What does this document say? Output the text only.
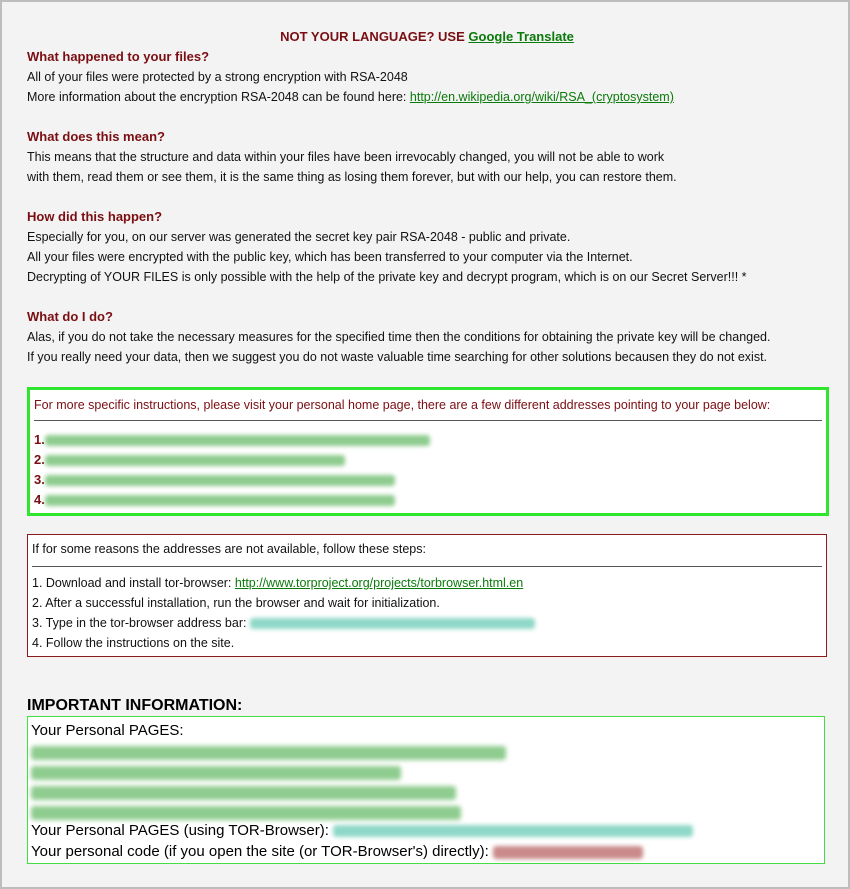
NOT YOUR LANGUAGE? USE Google Translate
What happened to your files?
All of your files were protected by a strong encryption with RSA-2048
More information about the encryption RSA-2048 can be found here: http://en.wikipedia.org/wiki/RSA_(cryptosystem)
What does this mean?
This means that the structure and data within your files have been irrevocably changed, you will not be able to work
with them, read them or see them, it is the same thing as losing them forever, but with our help, you can restore them.
How did this happen?
Especially for you, on our server was generated the secret key pair RSA-2048 - public and private.
All your files were encrypted with the public key, which has been transferred to your computer via the Internet.
Decrypting of YOUR FILES is only possible with the help of the private key and decrypt program, which is on our Secret Server!!! *
What do I do?
Alas, if you do not take the necessary measures for the specified time then the conditions for obtaining the private key will be changed.
If you really need your data, then we suggest you do not waste valuable time searching for other solutions becausen they do not exist.
For more specific instructions, please visit your personal home page, there are a few different addresses pointing to your page below:
1.
2.
3.
4.
If for some reasons the addresses are not available, follow these steps:
1. Download and install tor-browser: http://www.torproject.org/projects/torbrowser.html.en
2. After a successful installation, run the browser and wait for initialization.
3. Type in the tor-browser address bar:
4. Follow the instructions on the site.
IMPORTANT INFORMATION:
Your Personal PAGES:
Your Personal PAGES (using TOR-Browser):
Your personal code (if you open the site (or TOR-Browser's) directly):
